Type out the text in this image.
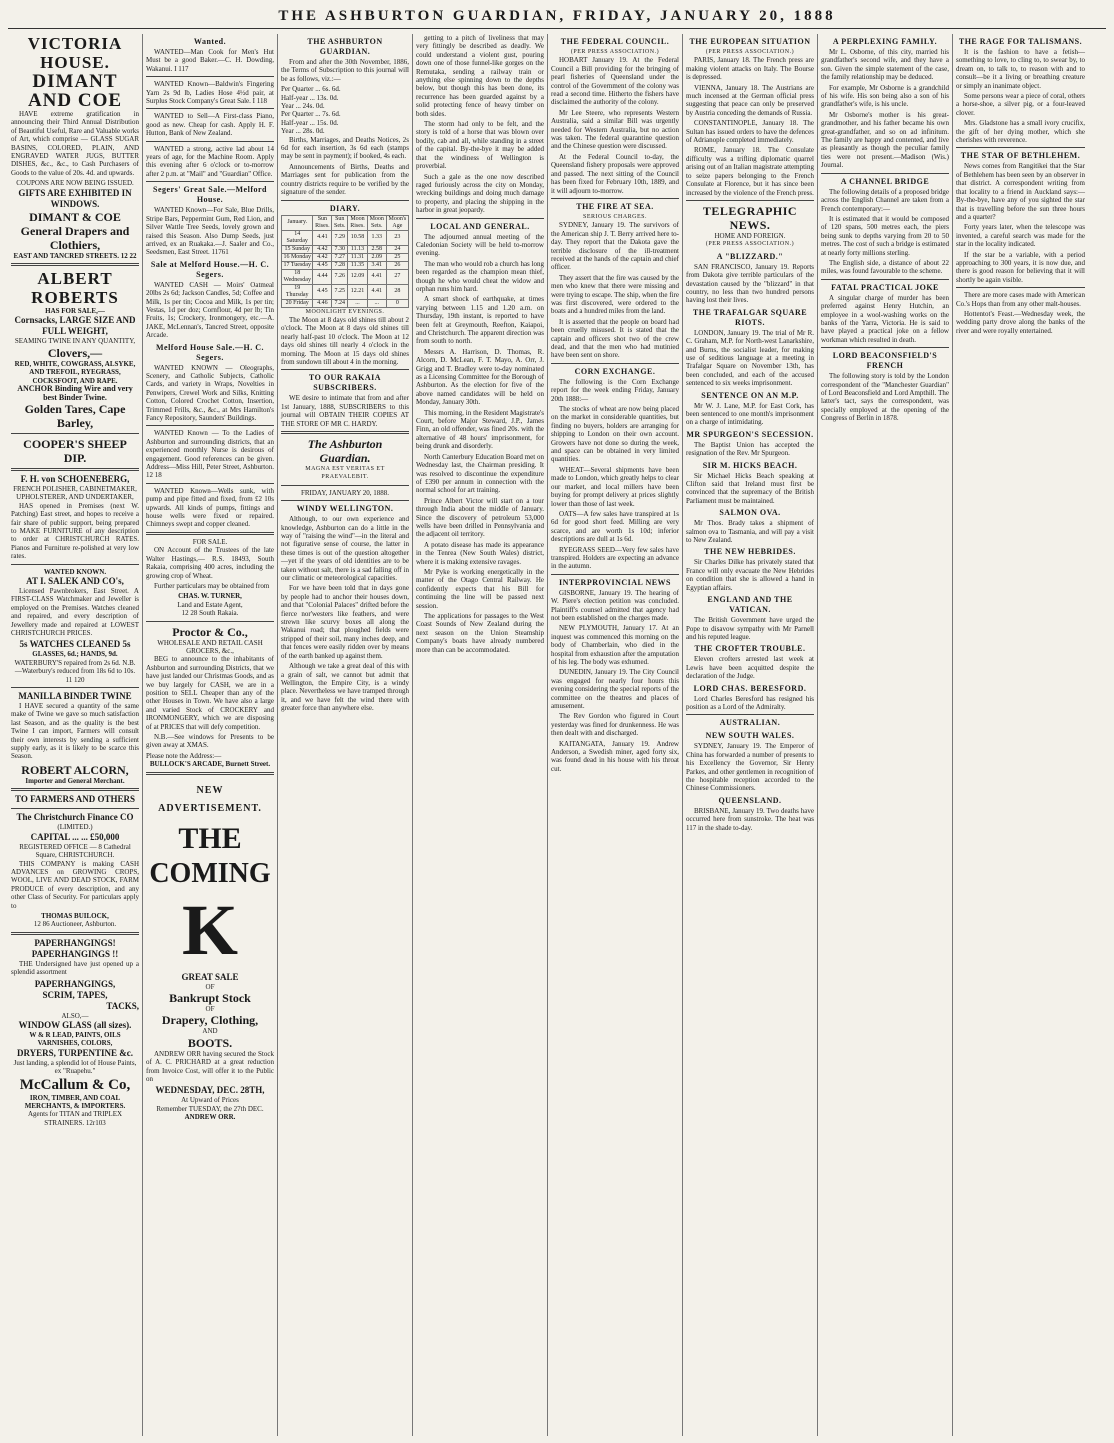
THE ASHBURTON GUARDIAN, FRIDAY, JANUARY 20, 1888
VICTORIA HOUSE.
DIMANT AND COE

HAVE extreme gratification in announcing their Third Annual Distribution of Beautiful Useful, Rare and Valuable works of Art, which comprise — GLASS SUGAR BASINS, COLORED, PLAIN, AND ENGRAVED WATER JUGS, BUTTER DISHES, &c., &c., to Cash Purchasers of Goods to the value of 20s. 4d. and upwards.

COUPONS ARE NOW BEING ISSUED.
GIFTS ARE EXHIBITED IN WINDOWS.
DIMANT & COE
General Drapers and Clothiers,
EAST AND TANCRED STREETS. 12 22
ALBERT ROBERTS
HAS FOR SALE,—
Cornsacks, LARGE SIZE AND FULL WEIGHT,
SEAMING TWINE IN ANY QUANTITY,
Clovers,—
RED, WHITE, COWGRASS, ALSYKE, AND TREFOIL, RYEGRASS, COCKSFOOT, AND RAPE.
ANCHOR Binding Wire and very best Binder Twine.
Golden Tares, Cape Barley,
COOPER'S SHEEP DIP.
F. H. von SCHOENEBERG,
FRENCH POLISHER, CABINETMAKER, UPHOLSTERER, AND UNDERTAKER,

HAS opened in Premises (next W. Patching) East street, and hopes to receive a fair share of public support, being prepared to MAKE FURNITURE of any description to order at CHRISTCHURCH RATES. Pianos and Furniture re-polished at very low rates.

WANTED KNOWN.
AT I. SALEK AND CO's,

Licensed Pawnbrokers, East Street. A FIRST-CLASS Watchmaker and Jeweller is employed on the Premises. Watches cleaned and repaired, and every description of Jewellery made and repaired at LOWEST CHRISTCHURCH PRICES.

5s WATCHES CLEANED 5s
GLASSES, 6d.; HANDS, 9d.
WATERBURY'S repaired from 2s 6d. N.B.—Waterbury's reduced from 18s 6d to 10s. 11 120
MANILLA BINDER TWINE

I HAVE secured a quantity of the same make of Twine we gave so much satisfaction last Season, and as the quality is the best Twine I can import, Farmers will consult their own interests by sending a sufficient supply early, as it is likely to be scarce this Season.

ROBERT ALCORN,
Importer and General Merchant.
TO FARMERS AND OTHERS
The Christchurch Finance CO
(LIMITED.)
CAPITAL ... ... £50,000
REGISTERED OFFICE — 8 Cathedral Square, CHRISTCHURCH.

THIS COMPANY is making CASH ADVANCES on GROWING CROPS, WOOL, LIVE AND DEAD STOCK, FARM PRODUCE of every description, and any other Class of Security. For particulars apply to

THOMAS BUILOCK,
12 86 Auctioneer, Ashburton.
PAPERHANGINGS!
PAPERHANGINGS !!

THE Undersigned have just opened up a splendid assortment

PAPERHANGINGS,
SCRIM, TAPES,
TACKS,
ALSO,—
WINDOW GLASS (all sizes).
W & R LEAD, PAINTS, OILS VARNISHES, COLORS,
DRYERS, TURPENTINE &c.
Just landing, a splendid lot of House Paints, ex "Ruapehu."
McCallum & Co,
IRON, TIMBER, AND COAL MERCHANTS, & IMPORTERS.
Agents for TITAN and TRIPLEX STRAINERS. 12r103
Wanted.

WANTED—Man Cook for Men's Hut Must be a good Baker.—C. H. Dowding, Wakanui. I 117

WANTED Known—Baldwin's Fingering Yarn 2s 9d lb, Ladies Hose 4½d pair, at Surplus Stock Company's Great Sale. I 118

WANTED to Sell—A First-class Piano, good as new. Cheap for cash. Apply H. F. Hutton, Bank of New Zealand.

WANTED a strong, active lad about 14 years of age, for the Machine Room. Apply this evening after 6 o'clock or to-morrow after 2 p.m. at "Mail" and "Guardian" Office.

Segers' Great Sale.—Melford House.

WANTED Known—For Sale, Blue Drills, Stripe Bars, Peppermint Gum, Red Lion, and Silver Wattle Tree Seeds, lovely grown and raised this Season. Also Dump Seeds, just arrived, ex an Ruakaka.—J. Saaler and Co., Seedsmen, East Street. 11761

Sale at Melford House.—H. C. Segers.

WANTED CASH — Moirs' Oatmeal 20lbs 2s 6d; Jackson Candles, 5d; Coffee and Milk, 1s per tin; Cocoa and Milk, 1s per tin; Vestas, 1d per doz; Cornflour, 4d per lb; Tin Fruits, 1s; Crockery, Ironmongery, etc.—A. JAKE, McLennan's, Tancred Street, opposite Arcade.

Melford House Sale.—H. C. Segers.

WANTED KNOWN — Oleographs, Scenery, and Catholic Subjects, Catholic Cards, and variety in Wraps, Novelties in Penwipers, Crewel Work and Silks, Knitting Cotton, Colored Crochet Cotton, Insertion, Trimmed Frills, &c., &c., at Mrs Hamilton's Fancy Repository, Saunders' Buildings.

WANTED Known — To the Ladies of Ashburton and surrounding districts, that an experienced monthly Nurse is desirous of engagement. Good references can be given. Address—Miss Hill, Peter Street, Ashburton. 12 18

WANTED Known—Wells sunk, with pump and pipe fitted and fixed, from £2 10s upwards. All kinds of pumps, fittings and house wells were fixed or repaired. Chimneys swept and copper cleaned.

FOR SALE.

ON Account of the Trustees of the late Walter Hastings,— R.S. 18493, South Rakaia, comprising 400 acres, including the growing crop of Wheat.

Further particulars may be obtained from

CHAS. W. TURNER,
Land and Estate Agent,
12 28 South Rakaia.
Proctor & Co.,
WHOLESALE AND RETAIL CASH GROCERS, &c.,

BEG to announce to the inhabitants of Ashburton and surrounding Districts, that we have just landed our Christmas Goods, and as we buy largely for CASH, we are in a position to SELL Cheaper than any of the other Houses in Town. We have also a large and varied Stock of CROCKERY and IRONMONGERY, which we are disposing of at PRICES that will defy competition.

N.B.—See windows for Presents to be given away at XMAS.

Please note the Address:—
BULLOCK'S ARCADE, Burnett Street.
NEW ADVERTISEMENT.
THE
COMING
K
GREAT SALE
OF
Bankrupt Stock
OF
Drapery, Clothing,
AND
BOOTS.

ANDREW ORR having secured the Stock of A. C. PRICHARD at a great reduction from Invoice Cost, will offer it to the Public on

WEDNESDAY, DEC. 28TH,
At Upward of Prices
Remember TUESDAY, the 27th DEC.
ANDREW ORR.
THE ASHBURTON GUARDIAN.

From and after the 30th November, 1886, the Terms of Subscription to this journal will be as follows, viz.:—

Per Quarter ... 6s. 6d.
Half-year ... 13s. 0d.
Year ... 24s. 0d.
Per Quarter ... 7s. 6d.
Half-year ... 15s. 0d.
Year ... 28s. 0d.

Births, Marriages, and Deaths Notices, 2s 6d for each insertion, 3s 6d each (stamps may be sent in payment); if booked, 4s each.

Announcements of Births, Deaths and Marriages sent for publication from the country districts require to be verified by the signature of the sender.

DIARY.
January.	Sun Rises.	Sun Sets.	Moon Rises.	Moon Sets.	Moon's Age
14 Saturday	4.41	7.29	10.58	1.33	23
15 Sunday	4.42	7.30	11.13	2.58	24
16 Monday	4.42	7.27	11.31	2.09	25
17 Tuesday	4.45	7.28	11.35	3.41	26
18 Wednesday	4.44	7.26	12.09	4.41	27
19 Thursday	4.45	7.25	12.21	4.41	28
20 Friday	4.46	7.24	...	...	0
MOONLIGHT EVENINGS.

The Moon at 8 days old shines till about 2 o'clock. The Moon at 8 days old shines till nearly half-past 10 o'clock. The Moon at 12 days old shines till nearly 4 o'clock in the morning. The Moon at 15 days old shines from sundown till about 4 in the morning.

TO OUR RAKAIA SUBSCRIBERS.

WE desire to intimate that from and after 1st January, 1888, SUBSCRIBERS to this journal will OBTAIN THEIR COPIES AT THE STORE OF MR C. HARDY.

The Ashburton Guardian.
MAGNA EST VERITAS ET PRAEVALEBIT.
FRIDAY, JANUARY 20, 1888.
WINDY WELLINGTON.

Although, to our own experience and knowledge, Ashburton can do a little in the way of "raising the wind"—in the literal and not figurative sense of course, the latter in these times is out of the question altogether—yet if the years of old identities are to be taken without salt, there is a sad falling off in our climatic or meteorological capacities.

For we have been told that in days gone by people had to anchor their houses down, and that "Colonial Palaces" drifted before the fierce nor'westers like feathers, and were strewn like scurvy boxes all along the Wakanui road; that ploughed fields were stripped of their soil, many inches deep, and that fences were easily ridden over by means of the earth banked up against them.

Although we take a great deal of this with a grain of salt, we cannot but admit that Wellington, the Empire City, is a windy place. Nevertheless we have tramped through it, and we have felt the wind there with greater force than anywhere else.

getting to a pitch of liveliness that may very fittingly be described as deadly. We could understand a violent gust, pouring down one of those funnel-like gorges on the Remutaka, sending a railway train or anything else spinning down to the depths below, but though this has been done, its recurrence has been guarded against by a solid protecting fence of heavy timber on both sides.

The storm had only to be felt, and the story is told of a horse that was blown over bodily, cab and all, while standing in a street of the capital. By-the-bye it may be added that the windiness of Wellington is proverbial.

Such a gale as the one now described raged furiously across the city on Monday, wrecking buildings and doing much damage to property, and placing the shipping in the harbor in great jeopardy.

LOCAL AND GENERAL.

The adjourned annual meeting of the Caledonian Society will be held to-morrow evening.

The man who would rob a church has long been regarded as the champion mean thief, though he who would cheat the widow and orphan runs him hard.

A smart shock of earthquake, at times varying between 1.15 and 1.20 a.m. on Thursday, 19th instant, is reported to have been felt at Greymouth, Reefton, Kaiapoi, and Christchurch. The apparent direction was from south to north.

Messrs A. Harrison, D. Thomas, R. Alcorn, D. McLean, F. T. Mayo, A. Orr, J. Grigg and T. Bradley were to-day nominated as a Licensing Committee for the Borough of Ashburton. As the election for five of the above named candidates will be held on Monday, January 30th.

This morning, in the Resident Magistrate's Court, before Major Steward, J.P., James Finn, an old offender, was fined 20s. with the alternative of 48 hours' imprisonment, for being drunk and disorderly.

North Canterbury Education Board met on Wednesday last, the Chairman presiding. It was resolved to discontinue the expenditure of £390 per annum in connection with the normal school for art training.

Prince Albert Victor will start on a tour through India about the middle of January. Since the discovery of petroleum 53,000 wells have been drilled in Pennsylvania and the adjacent oil territory.

A potato disease has made its appearance in the Tenrea (New South Wales) district, where it is making extensive ravages.

Mr Pyke is working energetically in the matter of the Otago Central Railway. He confidently expects that his Bill for continuing the line will be passed next session.

The applications for passages to the West Coast Sounds of New Zealand during the next season on the Union Steamship Company's boats have already numbered more than can be accommodated.

THE FEDERAL COUNCIL.
(PER PRESS ASSOCIATION.)

HOBART January 19. At the Federal Council a Bill providing for the bringing of pearl fisheries of Queensland under the control of the Government of the colony was read a second time. Hitherto the fishers have disclaimed the authority of the colony.

Mr Lee Steere, who represents Western Australia, said a similar Bill was urgently needed for Western Australia, but no action was taken. The federal quarantine question and the Chinese question were discussed.

At the Federal Council to-day, the Queensland fishery proposals were approved and passed. The next sitting of the Council has been fixed for February 10th, 1889, and it will adjourn to-morrow.

THE FIRE AT SEA.
SERIOUS CHARGES.

SYDNEY, January 19. The survivors of the American ship J. T. Berry arrived here to-day. They report that the Dakota gave the terrible disclosure of the ill-treatment received at the hands of the captain and chief officer.

They assert that the fire was caused by the men who knew that there were missing and were trying to escape. The ship, when the fire was first discovered, were ordered to the boats and a hundred miles from the land.

It is asserted that the people on board had been cruelly misused. It is stated that the captain and officers shot two of the crew dead, and that the men who had mutinied have been sent on shore.

CORN EXCHANGE.

The following is the Corn Exchange report for the week ending Friday, January 20th 1888:—

The stocks of wheat are now being placed on the market in considerable quantities, but finding no buyers, holders are arranging for shipping to London on their own account. Growers have not done so during the week, and space can be obtained in very limited quantities.

WHEAT—Several shipments have been made to London, which greatly helps to clear our market, and local millers have been buying for prompt delivery at prices slightly lower than those of last week.

OATS—A few sales have transpired at 1s 6d for good short feed. Milling are very scarce, and are worth 1s 10d; inferior descriptions are dull at 1s 6d.

RYEGRASS SEED—Very few sales have transpired. Holders are expecting an advance in the autumn.

INTERPROVINCIAL NEWS

GISBORNE, January 19. The hearing of W. Piere's election petition was concluded. Plaintiff's counsel admitted that agency had not been established on the charges made.

NEW PLYMOUTH, January 17. At an inquest was commenced this morning on the body of Chamberlain, who died in the hospital from exhaustion after the amputation of his leg. The body was exhumed.

DUNEDIN, January 19. The City Council was engaged for nearly four hours this evening considering the special reports of the committee on the theatres and places of amusement.

The Rev Gordon who figured in Court yesterday was fined for drunkenness. He was then dealt with and discharged.

KAITANGATA, January 19. Andrew Anderson, a Swedish miner, aged forty six, was found dead in his house with his throat cut.

THE EUROPEAN SITUATION
(PER PRESS ASSOCIATION.)

PARIS, January 18. The French press are making violent attacks on Italy. The Bourse is depressed.

VIENNA, January 18. The Austrians are much incensed at the German official press suggesting that peace can only be preserved by Austria conceding the demands of Russia.

CONSTANTINOPLE, January 18. The Sultan has issued orders to have the defences of Adrianople completed immediately.

ROME, January 18. The Consulate difficulty was a trifling diplomatic quarrel arising out of an Italian magistrate attempting to seize papers belonging to the French Consulate at Florence, but it has since been increased by the violence of the French press.

TELEGRAPHIC NEWS.
HOME AND FOREIGN.
(PER PRESS ASSOCIATION.)
A "BLIZZARD."

SAN FRANCISCO, January 19. Reports from Dakota give terrible particulars of the devastation caused by the "blizzard" in that country, no less than two hundred persons having lost their lives.

THE TRAFALGAR SQUARE RIOTS.

LONDON, January 19. The trial of Mr R. C. Graham, M.P. for North-west Lanarkshire, and Burns, the socialist leader, for making use of seditious language at a meeting in Trafalgar Square on November 13th, has been concluded, and each of the accused sentenced to six weeks imprisonment.

SENTENCE ON AN M.P.

Mr W. J. Lane, M.P. for East Cork, has been sentenced to one month's imprisonment on a charge of intimidating.

MR SPURGEON'S SECESSION.

The Baptist Union has accepted the resignation of the Rev. Mr Spurgeon.

SIR M. HICKS BEACH.

Sir Michael Hicks Beach speaking at Clifton said that Ireland must first be convinced that the supremacy of the British Parliament must be maintained.

SALMON OVA.

Mr Thos. Brady takes a shipment of salmon ova to Tasmania, and will pay a visit to New Zealand.

THE NEW HEBRIDES.

Sir Charles Dilke has privately stated that France will only evacuate the New Hebrides on condition that she is allowed a hand in Egyptian affairs.

ENGLAND AND THE VATICAN.

The British Government have urged the Pope to disavow sympathy with Mr Parnell and his reputed league.

THE CROFTER TROUBLE.

Eleven crofters arrested last week at Lewis have been acquitted despite the declaration of the Judge.

LORD CHAS. BERESFORD.

Lord Charles Beresford has resigned his position as a Lord of the Admiralty.

AUSTRALIAN.
NEW SOUTH WALES.

SYDNEY, January 19. The Emperor of China has forwarded a number of presents to his Excellency the Governor, Sir Henry Parkes, and other gentlemen in recognition of the hospitable reception accorded to the Chinese Commissioners.

QUEENSLAND.

BRISBANE, January 19. Two deaths have occurred here from sunstroke. The heat was 117 in the shade to-day.

A PERPLEXING FAMILY.

Mr L. Osborne, of this city, married his grandfather's second wife, and they have a son. Given the simple statement of the case, the family relationship may be deduced.

For example, Mr Osborne is a grandchild of his wife. His son being also a son of his grandfather's wife, is his uncle.

Mr Osborne's mother is his great-grandmother, and his father became his own great-grandfather, and so on ad infinitum. The family are happy and contented, and live as pleasantly as though the peculiar family ties were not present.—Madison (Wis.) Journal.

A CHANNEL BRIDGE

The following details of a proposed bridge across the English Channel are taken from a French contemporary:—

It is estimated that it would be composed of 120 spans, 500 metres each, the piers being sunk to depths varying from 20 to 50 metres. The cost of such a bridge is estimated at nearly forty millions sterling.

The English side, a distance of about 22 miles, was found favourable to the scheme.

FATAL PRACTICAL JOKE

A singular charge of murder has been preferred against Henry Hutchin, an employee in a wool-washing works on the banks of the Yarra, Victoria. He is said to have played a practical joke on a fellow workman which resulted in death.

LORD BEACONSFIELD'S FRENCH

The following story is told by the London correspondent of the "Manchester Guardian" of Lord Beaconsfield and Lord Ampthill. The latter's tact, says the correspondent, was specially employed at the opening of the Congress of Berlin in 1878.

THE RAGE FOR TALISMANS.

It is the fashion to have a fetish—something to love, to cling to, to swear by, to dream on, to talk to, to reason with and to consult—be it a living or breathing creature or simply an inanimate object.

Some persons wear a piece of coral, others a horse-shoe, a silver pig, or a four-leaved clover.

Mrs. Gladstone has a small ivory crucifix, the gift of her dying mother, which she cherishes with reverence.

THE STAR OF BETHLEHEM.

News comes from Rangitikei that the Star of Bethlehem has been seen by an observer in that district. A correspondent writing from that locality to a friend in Auckland says:—By-the-bye, have any of you sighted the star that is travelling before the sun three hours and a quarter?

Forty years later, when the telescope was invented, a careful search was made for the star in the locality indicated.

If the star be a variable, with a period approaching to 300 years, it is now due, and there is good reason for believing that it will shortly be again visible.

There are more cases made with American Co.'s Hops than from any other malt-houses.

Hottentot's Feast.—Wednesday week, the wedding party drove along the banks of the river and were royally entertained.
